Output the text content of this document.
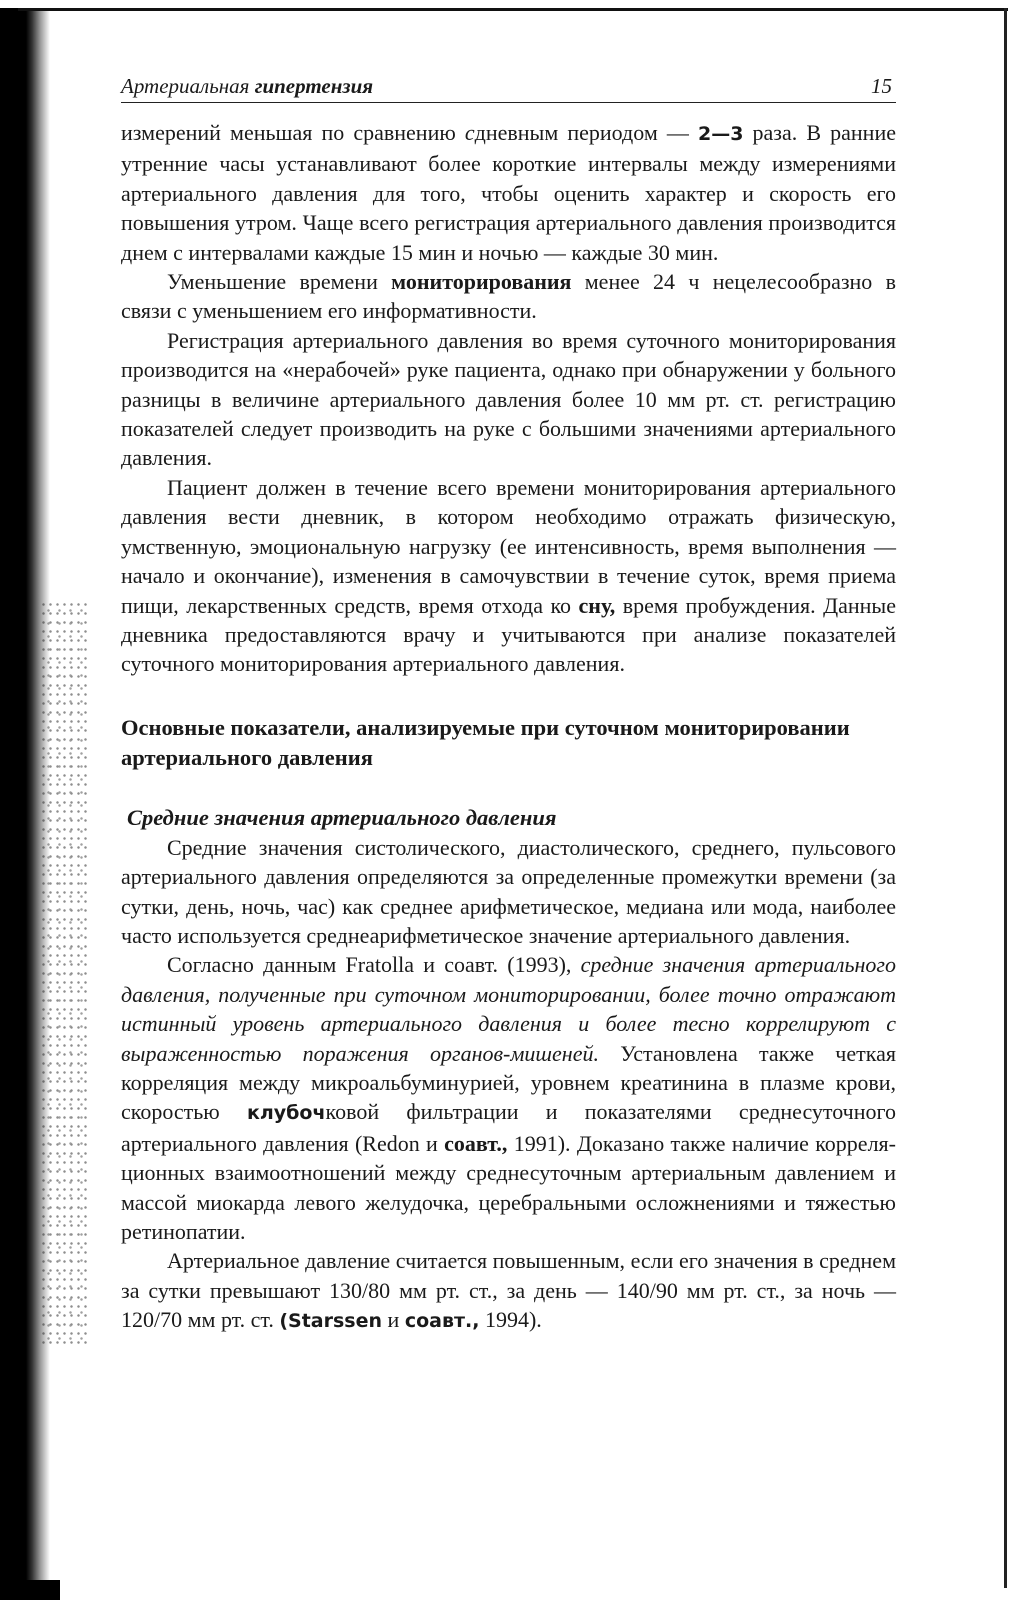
Артериальная гипертензия	15

измерений меньшая по сравнению сдневным периодом — 2—3 раза. В ранние утренние часы устанавливают более короткие интервалы между измерениями артериального давления для того, чтобы оценить характер и скорость его повышения утром. Чаще всего регистрация артериального давления производится днем с интервалами каждые 15 мин и ночью — каждые 30 мин.

Уменьшение времени мониторирования менее 24 ч нецелесообразно в связи с уменьшением его информативности.

Регистрация артериального давления во время суточного мониторирования производится на «нерабочей» руке пациента, однако при обнаружении у больного разницы в величине артериального давления более 10 мм рт. ст. регистрацию показателей следует производить на руке с большими значениями артериального давления.

Пациент должен в течение всего времени мониторирования артериального давления вести дневник, в котором необходимо отражать физическую, умственную, эмоциональную нагрузку (ее интенсивность, время выполнения — начало и окончание), изменения в самочувствии в течение суток, время приема пищи, лекарственных средств, время отхода ко сну, время пробуждения. Данные дневника предоставляются врачу и учитываются при анализе показателей суточного мониторирования артериального давления.

Основные показатели, анализируемые при суточном мониторировании артериального давления
Средние значения артериального давления

Средние значения систолического, диастолического, среднего, пульсового артериального давления определяются за определенные промежутки времени (за сутки, день, ночь, час) как среднее арифметическое, медиана или мода, наиболее часто используется среднеарифметическое значение артериального давления.

Согласно данным Fratolla и соавт. (1993), средние значения артериального давления, полученные при суточном мониторировании, более точно отражают истинный уровень артериального давления и более тесно коррелируют с выраженностью поражения органов-мишеней. Установлена также четкая корреляция между микроальбуминурией, уровнем креатинина в плазме крови, скоростью клубочковой фильтрации и показателями среднесуточного артериального давления (Redon и соавт., 1991). Доказано также наличие корреляционных взаимоотношений между среднесуточным артериальным давлением и массой миокарда левого желудочка, церебральными осложнениями и тяжестью ретинопатии.

Артериальное давление считается повышенным, если его значения в среднем за сутки превышают 130/80 мм рт. ст., за день — 140/90 мм рт. ст., за ночь — 120/70 мм рт. ст. (Starssen и соавт., 1994).
